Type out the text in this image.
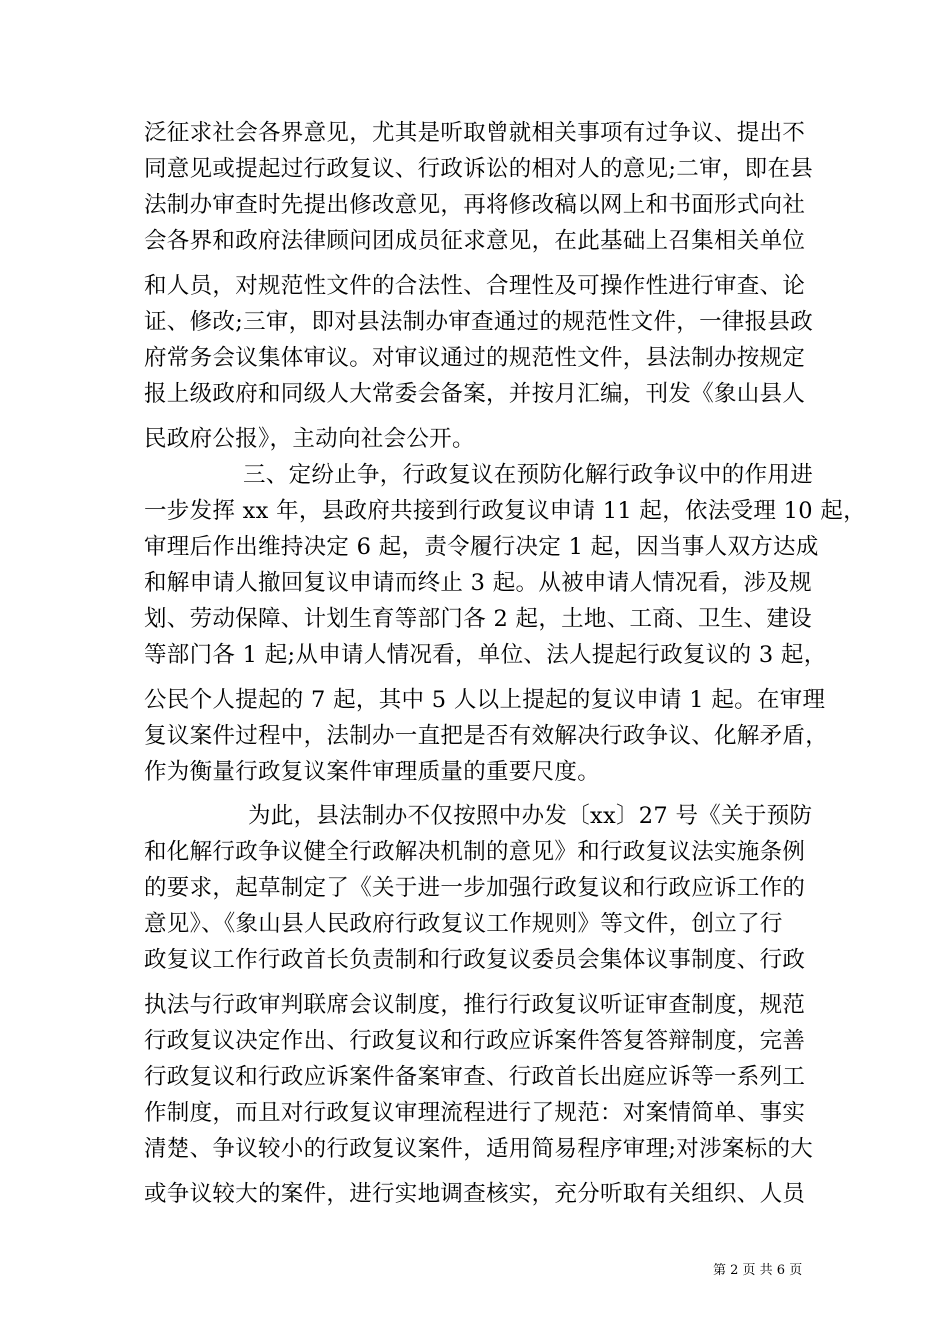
泛征求社会各界意见，尤其是听取曾就相关事项有过争议、提出不
同意见或提起过行政复议、行政诉讼的相对人的意见;二审，即在县
法制办审查时先提出修改意见，再将修改稿以网上和书面形式向社
会各界和政府法律顾问团成员征求意见，在此基础上召集相关单位
和人员，对规范性文件的合法性、合理性及可操作性进行审查、论
证、修改;三审，即对县法制办审查通过的规范性文件，一律报县政
府常务会议集体审议。对审议通过的规范性文件，县法制办按规定
报上级政府和同级人大常委会备案，并按月汇编，刊发《象山县人
民政府公报》，主动向社会公开。
三、定纷止争，行政复议在预防化解行政争议中的作用进
一步发挥 xx 年，县政府共接到行政复议申请 11 起，依法受理 10 起，
审理后作出维持决定 6 起，责令履行决定 1 起，因当事人双方达成
和解申请人撤回复议申请而终止 3 起。从被申请人情况看，涉及规
划、劳动保障、计划生育等部门各 2 起，土地、工商、卫生、建设
等部门各 1 起;从申请人情况看，单位、法人提起行政复议的 3 起，
公民个人提起的 7 起，其中 5 人以上提起的复议申请 1 起。在审理
复议案件过程中，法制办一直把是否有效解决行政争议、化解矛盾，
作为衡量行政复议案件审理质量的重要尺度。
为此，县法制办不仅按照中办发〔xx〕27 号《关于预防
和化解行政争议健全行政解决机制的意见》和行政复议法实施条例
的要求，起草制定了《关于进一步加强行政复议和行政应诉工作的
意见》、《象山县人民政府行政复议工作规则》等文件，创立了行
政复议工作行政首长负责制和行政复议委员会集体议事制度、行政
执法与行政审判联席会议制度，推行行政复议听证审查制度，规范
行政复议决定作出、行政复议和行政应诉案件答复答辩制度，完善
行政复议和行政应诉案件备案审查、行政首长出庭应诉等一系列工
作制度，而且对行政复议审理流程进行了规范：对案情简单、事实
清楚、争议较小的行政复议案件，适用简易程序审理;对涉案标的大
或争议较大的案件，进行实地调查核实，充分听取有关组织、人员
第 2 页 共 6 页
